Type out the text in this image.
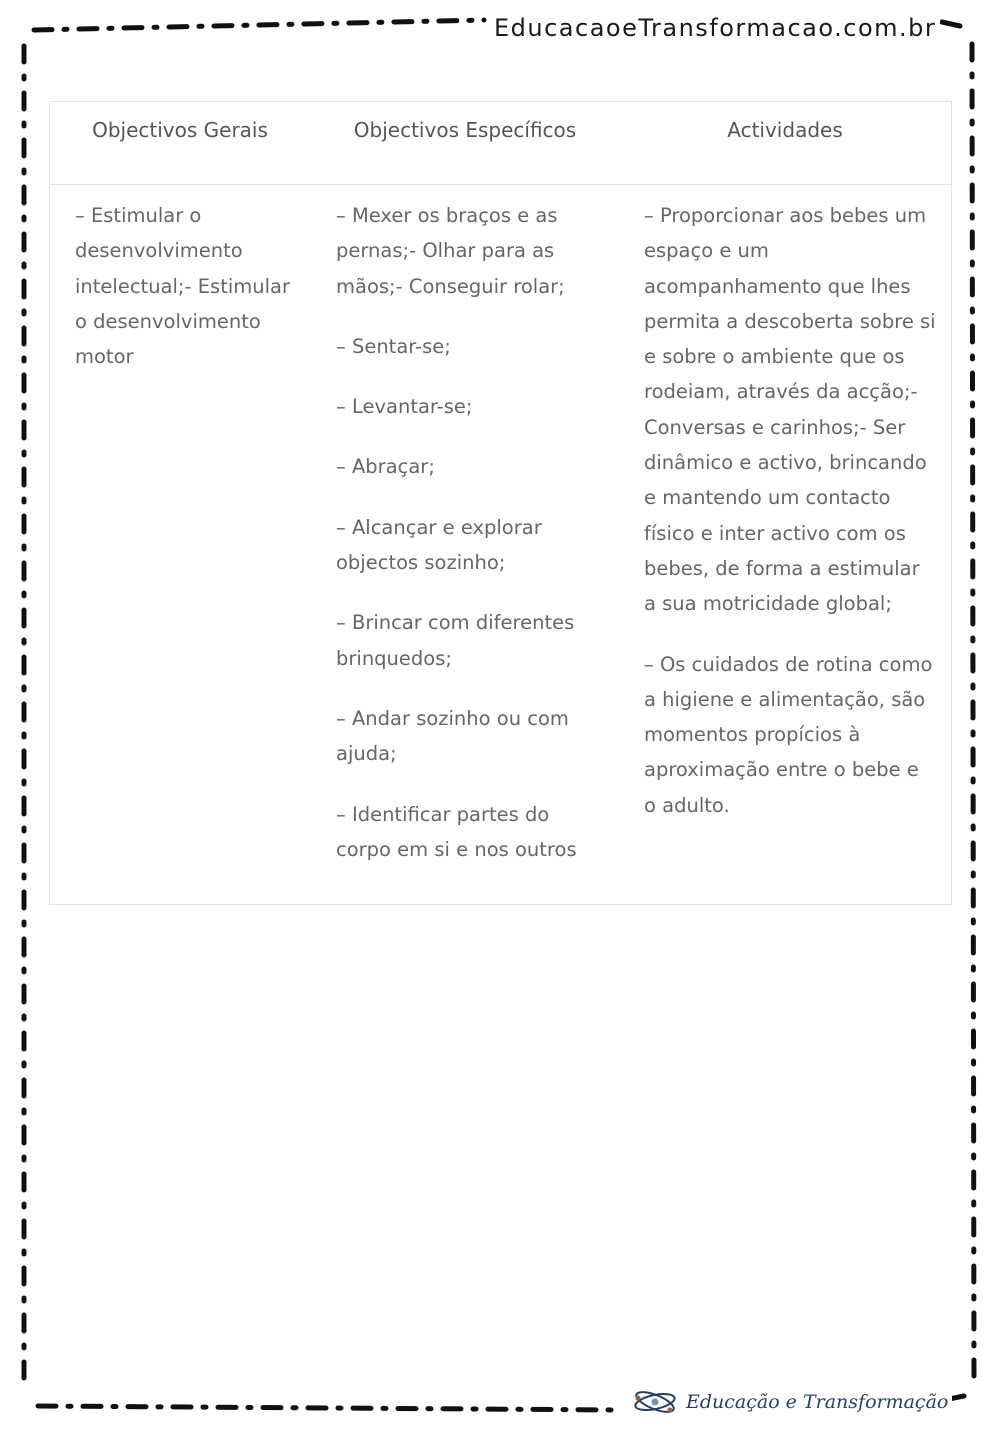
EducacaoeTransformacao.com.br
Objectivos Gerais	Objectivos Específicos	Actividades

– Estimular o desenvolvimento intelectual;- Estimular o desenvolvimento motor

– Mexer os braços e as pernas;- Olhar para as mãos;- Conseguir rolar;

– Sentar-se;

– Levantar-se;

– Abraçar;

– Alcançar e explorar objectos sozinho;

– Brincar com diferentes brinquedos;

– Andar sozinho ou com ajuda;

– Identificar partes do corpo em si e nos outros

– Proporcionar aos bebes um espaço e um acompanhamento que lhes permita a descoberta sobre si e sobre o ambiente que os rodeiam, através da acção;- Conversas e carinhos;- Ser dinâmico e activo, brincando e mantendo um contacto físico e inter activo com os bebes, de forma a estimular a sua motricidade global;

– Os cuidados de rotina como a higiene e alimentação, são momentos propícios à aproximação entre o bebe e o adulto.

Educação e Transformação
